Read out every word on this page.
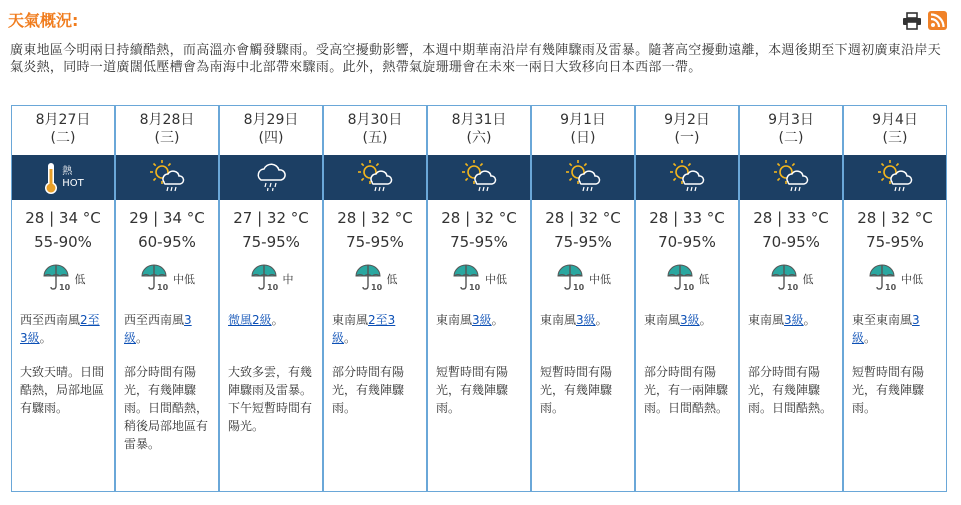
天氣概況:
廣東地區今明兩日持續酷熱，而高溫亦會觸發驟雨。受高空擾動影響，本週中期華南沿岸有幾陣驟雨及雷暴。隨著高空擾動遠離，本週後期至下週初廣東沿岸天氣炎熱，同時一道廣闊低壓槽會為南海中北部帶來驟雨。此外，熱帶氣旋珊珊會在未來一兩日大致移向日本西部一帶。
8月27日
(二)
熱
HOT
28 | 34 °C
55-90%
10
低
西至西南風2至3級。
大致天晴。日間酷熱，局部地區有驟雨。
8月28日
(三)
29 | 34 °C
60-95%
10
中低
西至西南風3級。
部分時間有陽光，有幾陣驟雨。日間酷熱，稍後局部地區有雷暴。
8月29日
(四)
27 | 32 °C
75-95%
10
中
微風2級。
大致多雲，有幾陣驟雨及雷暴。下午短暫時間有陽光。
8月30日
(五)
28 | 32 °C
75-95%
10
低
東南風2至3級。
部分時間有陽光，有幾陣驟雨。
8月31日
(六)
28 | 32 °C
75-95%
10
中低
東南風3級。
短暫時間有陽光，有幾陣驟雨。
9月1日
(日)
28 | 32 °C
75-95%
10
中低
東南風3級。
短暫時間有陽光，有幾陣驟雨。
9月2日
(一)
28 | 33 °C
70-95%
10
低
東南風3級。
部分時間有陽光，有一兩陣驟雨。日間酷熱。
9月3日
(二)
28 | 33 °C
70-95%
10
低
東南風3級。
部分時間有陽光，有幾陣驟雨。日間酷熱。
9月4日
(三)
28 | 32 °C
75-95%
10
中低
東至東南風3級。
短暫時間有陽光，有幾陣驟雨。
